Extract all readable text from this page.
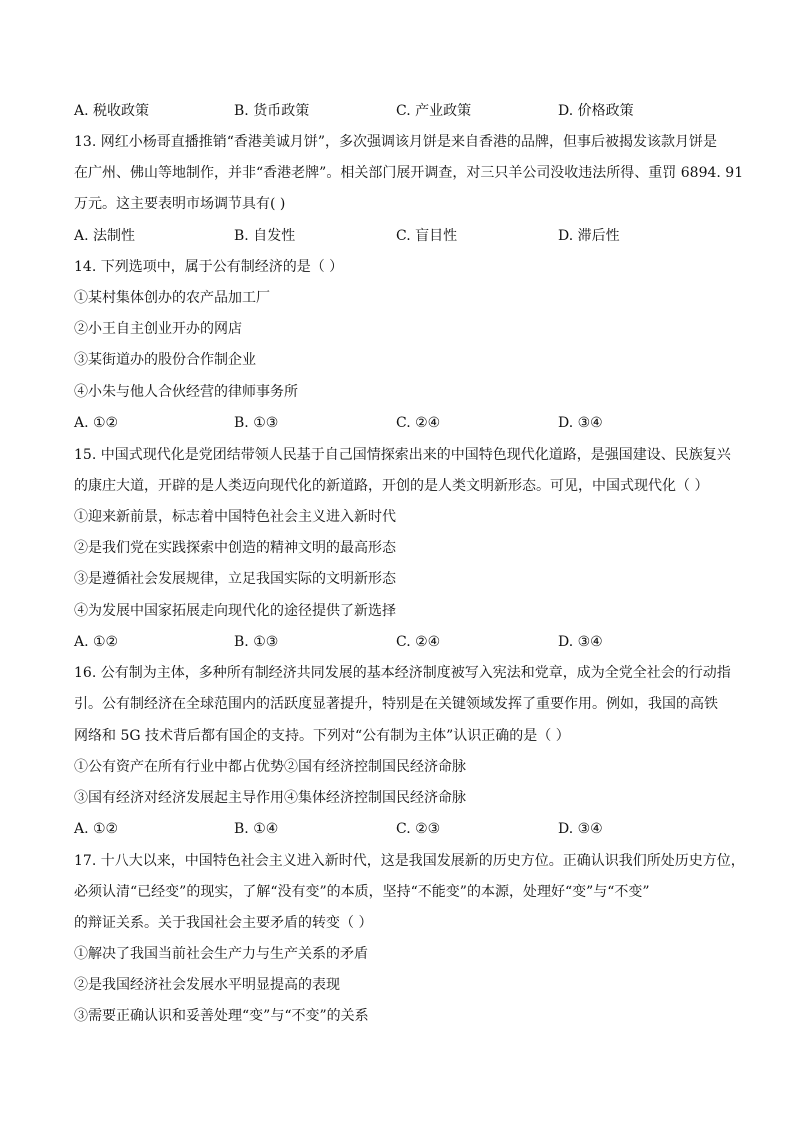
A. 税收政策	B. 货币政策	C. 产业政策	D. 价格政策
13. 网红小杨哥直播推销“香港美诚月饼”，多次强调该月饼是来自香港的品牌，但事后被揭发该款月饼是
在广州、佛山等地制作，并非“香港老牌”。相关部门展开调查，对三只羊公司没收违法所得、重罚 6894. 91
万元。这主要表明市场调节具有( )
A. 法制性	B. 自发性	C. 盲目性	D. 滞后性
14. 下列选项中，属于公有制经济的是（ ）
①某村集体创办的农产品加工厂
②小王自主创业开办的网店
③某街道办的股份合作制企业
④小朱与他人合伙经营的律师事务所
A. ①②	B. ①③	C. ②④	D. ③④
15. 中国式现代化是党团结带领人民基于自己国情探索出来的中国特色现代化道路，是强国建设、民族复兴
的康庄大道，开辟的是人类迈向现代化的新道路，开创的是人类文明新形态。可见，中国式现代化（ ）
①迎来新前景，标志着中国特色社会主义进入新时代
②是我们党在实践探索中创造的精神文明的最高形态
③是遵循社会发展规律，立足我国实际的文明新形态
④为发展中国家拓展走向现代化的途径提供了新选择
A. ①②	B. ①③	C. ②④	D. ③④
16. 公有制为主体，多种所有制经济共同发展的基本经济制度被写入宪法和党章，成为全党全社会的行动指
引。公有制经济在全球范围内的活跃度显著提升，特别是在关键领域发挥了重要作用。例如，我国的高铁
网络和 5G 技术背后都有国企的支持。下列对“公有制为主体”认识正确的是（ ）
①公有资产在所有行业中都占优势②国有经济控制国民经济命脉
③国有经济对经济发展起主导作用④集体经济控制国民经济命脉
A. ①②	B. ①④	C. ②③	D. ③④
17. 十八大以来，中国特色社会主义进入新时代，这是我国发展新的历史方位。正确认识我们所处历史方位，
必须认清“已经变”的现实，了解“没有变”的本质，坚持“不能变”的本源，处理好“变”与“不变”
的辩证关系。关于我国社会主要矛盾的转变（ ）
①解决了我国当前社会生产力与生产关系的矛盾
②是我国经济社会发展水平明显提高的表现
③需要正确认识和妥善处理“变”与“不变”的关系
